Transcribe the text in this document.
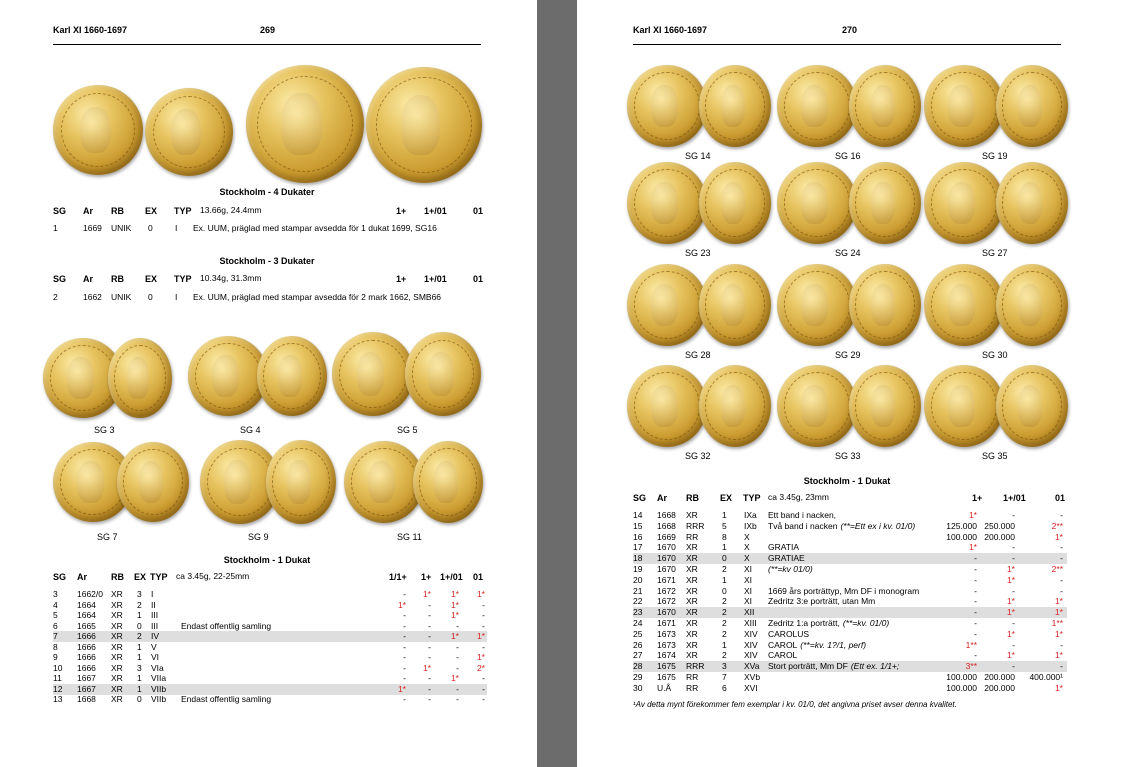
Karl XI 1660-1697	269
Stockholm - 4 Dukater
SG Ar RB EX TYP 13.66g, 24.4mm	1+ 1+/01	01
1	1669 UNIK 0	I Ex. UUM, präglad med stampar avsedda för 1 dukat 1699, SG16
Stockholm - 3 Dukater
SG Ar RB EX TYP 10.34g, 31.3mm	1+ 1+/01	01
2	1662 UNIK 0	I Ex. UUM, präglad med stampar avsedda för 2 mark 1662, SMB66
SG 3	SG 4	SG 5
SG 7	SG 9	SG 11
Stockholm - 1 Dukat
SG Ar	RB EX TYP ca 3.45g, 22-25mm	1/1+ 1+ 1+/01 01
3 1662/0 XR 3 I	-	1*	1*	1*
4 1664 XR 2 II	1*	-	1*	-
5 1664 XR 1 III	-	-	1*	-
6 1665 XR 0 III	Endast offentlig samling	-	-	-	-
7 1666 XR 2 IV	-	-	1*	1*
8 1666 XR 1 V	-	-	-	-
9 1666 XR 1 VI	-	-	-	1*
10 1666 XR 3 VIa	-	1*	-	2*
11 1667 XR 1 VIIa	-	-	1*	-
12 1667 XR 1 VIIb	1*	-	-	-
13 1668 XR 0 VIIb Endast offentlig samling	-	-	-	-
Karl XI 1660-1697	270
Stockholm - 1 Dukat
SG Ar RB EX TYP ca 3.45g, 23mm	1+ 1+/01	01
¹Av detta mynt förekommer fem exemplar i kv. 01/0, det angivna priset avser denna kvalitet.
SG 14	SG 16	SG 19
SG 23	SG 24	SG 27
SG 28	SG 29	SG 30
SG 32	SG 33	SG 35
14 1668 XR	1 IXa Ett band i nacken,	1*	-	-
15 1668 RRR 5 IXb Två band i nacken (**=Ett ex i kv. 01/0)	125.000 250.000	2**
16 1669 RR	8 X	100.000 200.000	1*
17 1670 XR	1 X GRATIA	1*	-	-
18 1670 XR	0 X GRATIAE	-	-	-
19 1670 XR	2 XI (**=kv 01/0)	-	1*	2**
20 1671 XR	1 XI	-	1*	-
21 1672 XR	0 XI 1669 års porträttyp, Mm DF i monogram	-	-	-
22 1672 XR	2 XI Zedritz 3:e porträtt, utan Mm	-	1*	1*
23 1670 XR	2 XII	-	1*	1*
24 1671 XR	2 XIII Zedritz 1:a porträtt, (**=kv. 01/0)	-	-	1**
25 1673 XR	2 XIV CAROLUS	-	1*	1*
26 1673 XR	1 XIV CAROL (**=kv. 1?/1, perf)	1**	-	-
27 1674 XR	2 XIV CAROL	-	1*	1*
28 1675 RRR 3 XVa Stort porträtt, Mm DF (Ett ex. 1/1+;	3**	-	-
29 1675 RR	7 XVb	100.000 200.000 400.000¹
30 U.Å RR	6 XVI	100.000 200.000	1*
